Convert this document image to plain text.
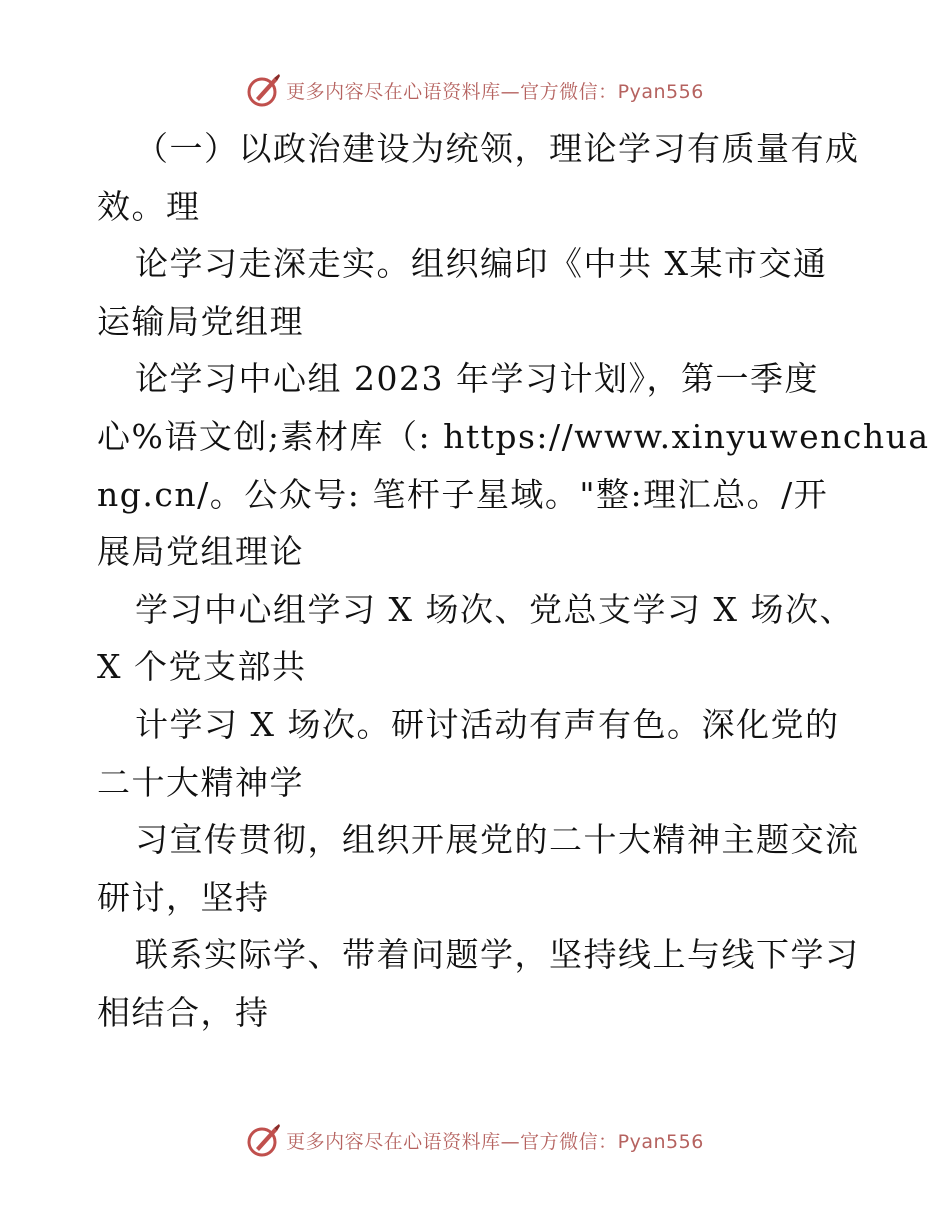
更多内容尽在心语资料库—官方微信：Pyan556
（一）以政治建设为统领，理论学习有质量有成
效。理
论学习走深走实。组织编印《中共 X某市交通
运输局党组理
论学习中心组 2023 年学习计划》，第一季度
心%语文创;素材库（: https://www.xinyuwenchua
ng.cn/。公众号: 笔杆子星域。"整:理汇总。/开
展局党组理论
学习中心组学习 X 场次、党总支学习 X 场次、
X 个党支部共
计学习 X 场次。研讨活动有声有色。深化党的
二十大精神学
习宣传贯彻，组织开展党的二十大精神主题交流
研讨，坚持
联系实际学、带着问题学，坚持线上与线下学习
相结合，持
更多内容尽在心语资料库—官方微信：Pyan556
